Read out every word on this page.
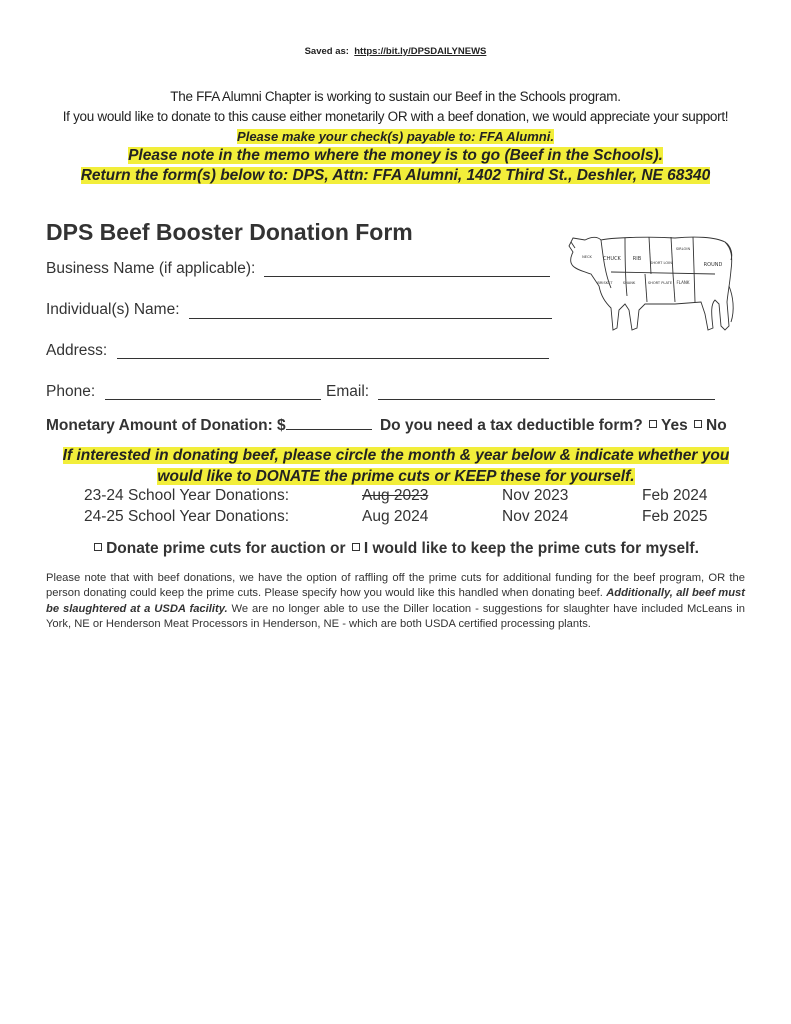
Saved as: https://bit.ly/DPSDAILYNEWS
The FFA Alumni Chapter is working to sustain our Beef in the Schools program.
If you would like to donate to this cause either monetarily OR with a beef donation, we would appreciate your support!
Please make your check(s) payable to: FFA Alumni.
Please note in the memo where the money is to go (Beef in the Schools).
Return the form(s) below to: DPS, Attn: FFA Alumni, 1402 Third St., Deshler, NE 68340
DPS Beef Booster Donation Form
CHUCK RIB
SHORT LOIN
SIRLOIN
ROUND
BRISKET	SHANK	SHORT PLATE FLANK
NECK
Business Name (if applicable):
Individual(s) Name:
Address:
Phone:	Email:
Monetary Amount of Donation: $	Do you need a tax deductible form? Yes No
If interested in donating beef, please circle the month & year below & indicate whether you would like to DONATE the prime cuts or KEEP these for yourself.
23-24 School Year Donations:	Aug 2023	Nov 2023	Feb 2024
24-25 School Year Donations:	Aug 2024	Nov 2024	Feb 2025
Donate prime cuts for auction or I would like to keep the prime cuts for myself.
Please note that with beef donations, we have the option of raffling off the prime cuts for additional funding for the beef program, OR the person donating could keep the prime cuts. Please specify how you would like this handled when donating beef. Additionally, all beef must be slaughtered at a USDA facility. We are no longer able to use the Diller location - suggestions for slaughter have included McLeans in York, NE or Henderson Meat Processors in Henderson, NE - which are both USDA certified processing plants.
